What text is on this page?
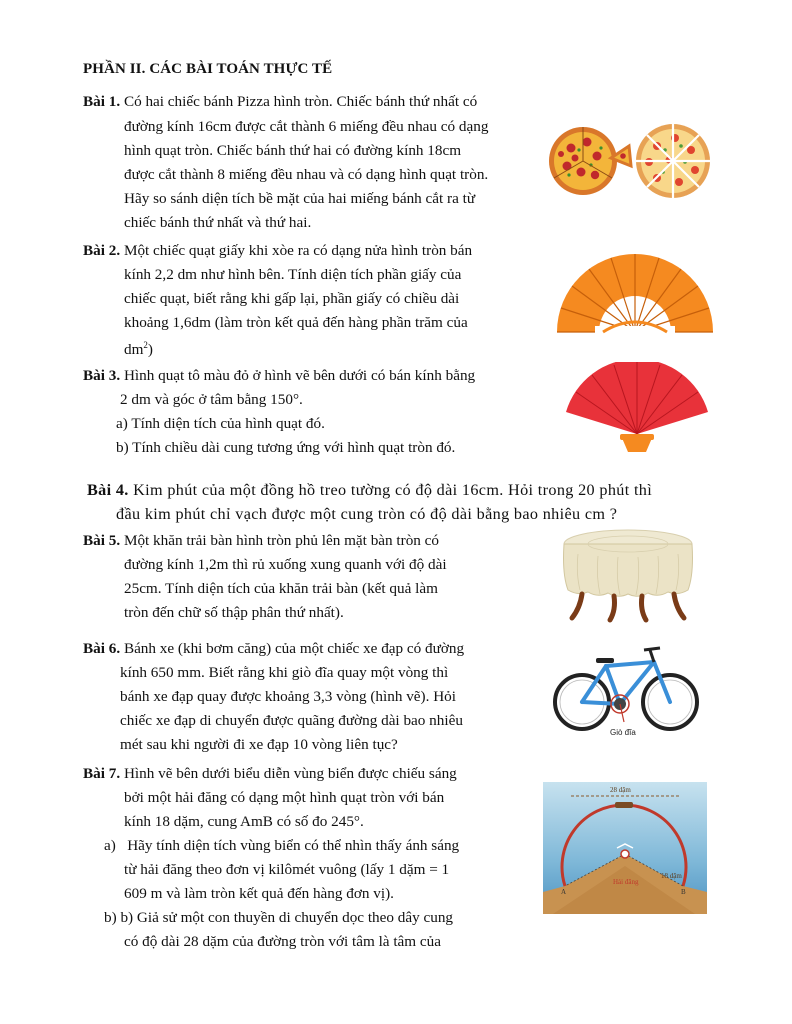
PHẦN II. CÁC BÀI TOÁN THỰC TẾ
Bài 1. Có hai chiếc bánh Pizza hình tròn. Chiếc bánh thứ nhất có
đường kính 16cm được cắt thành 6 miếng đều nhau có dạng
hình quạt tròn. Chiếc bánh thứ hai có đường kính 18cm
được cắt thành 8 miếng đều nhau và có dạng hình quạt tròn.
Hãy so sánh diện tích bề mặt của hai miếng bánh cắt ra từ
chiếc bánh thứ nhất và thứ hai.
Bài 2. Một chiếc quạt giấy khi xòe ra có dạng nửa hình tròn bán
kính 2,2 dm như hình bên. Tính diện tích phần giấy của
chiếc quạt, biết rằng khi gấp lại, phần giấy có chiều dài
khoảng 1,6dm (làm tròn kết quả đến hàng phần trăm của
$dm^2$)
Bài 3. Hình quạt tô màu đỏ ở hình vẽ bên dưới có bán kính bằng
2 dm và góc ở tâm bằng 150°.
a) Tính diện tích của hình quạt đó.
b) Tính chiều dài cung tương ứng với hình quạt tròn đó.
Bài 4. Kim phút của một đồng hồ treo tường có độ dài 16cm. Hỏi trong 20 phút thì
đầu kim phút chỉ vạch được một cung tròn có độ dài bằng bao nhiêu cm ?
Bài 5. Một khăn trải bàn hình tròn phủ lên mặt bàn tròn có
đường kính 1,2m thì rủ xuống xung quanh với độ dài
25cm. Tính diện tích của khăn trải bàn (kết quả làm
tròn đến chữ số thập phân thứ nhất).
Bài 6. Bánh xe (khi bơm căng) của một chiếc xe đạp có đường
kính 650 mm. Biết rằng khi giò đĩa quay một vòng thì
bánh xe đạp quay được khoảng 3,3 vòng (hình vẽ). Hỏi
chiếc xe đạp di chuyển được quãng đường dài bao nhiêu
mét sau khi người đi xe đạp 10 vòng liên tục?
Giò đĩa
Bài 7. Hình vẽ bên dưới biểu diễn vùng biển được chiếu sáng
bởi một hải đăng có dạng một hình quạt tròn với bán
kính 18 dặm, cung AmB có số đo 245°.
a) Hãy tính diện tích vùng biển có thể nhìn thấy ánh sáng
từ hải đăng theo đơn vị kilômét vuông (lấy 1 dặm = 1
609 m và làm tròn kết quả đến hàng đơn vị).
b) b) Giả sử một con thuyền di chuyển dọc theo dây cung
có độ dài 28 dặm của đường tròn với tâm là tâm của
28 dặm
18 dặm
Hải đăng
A	B
